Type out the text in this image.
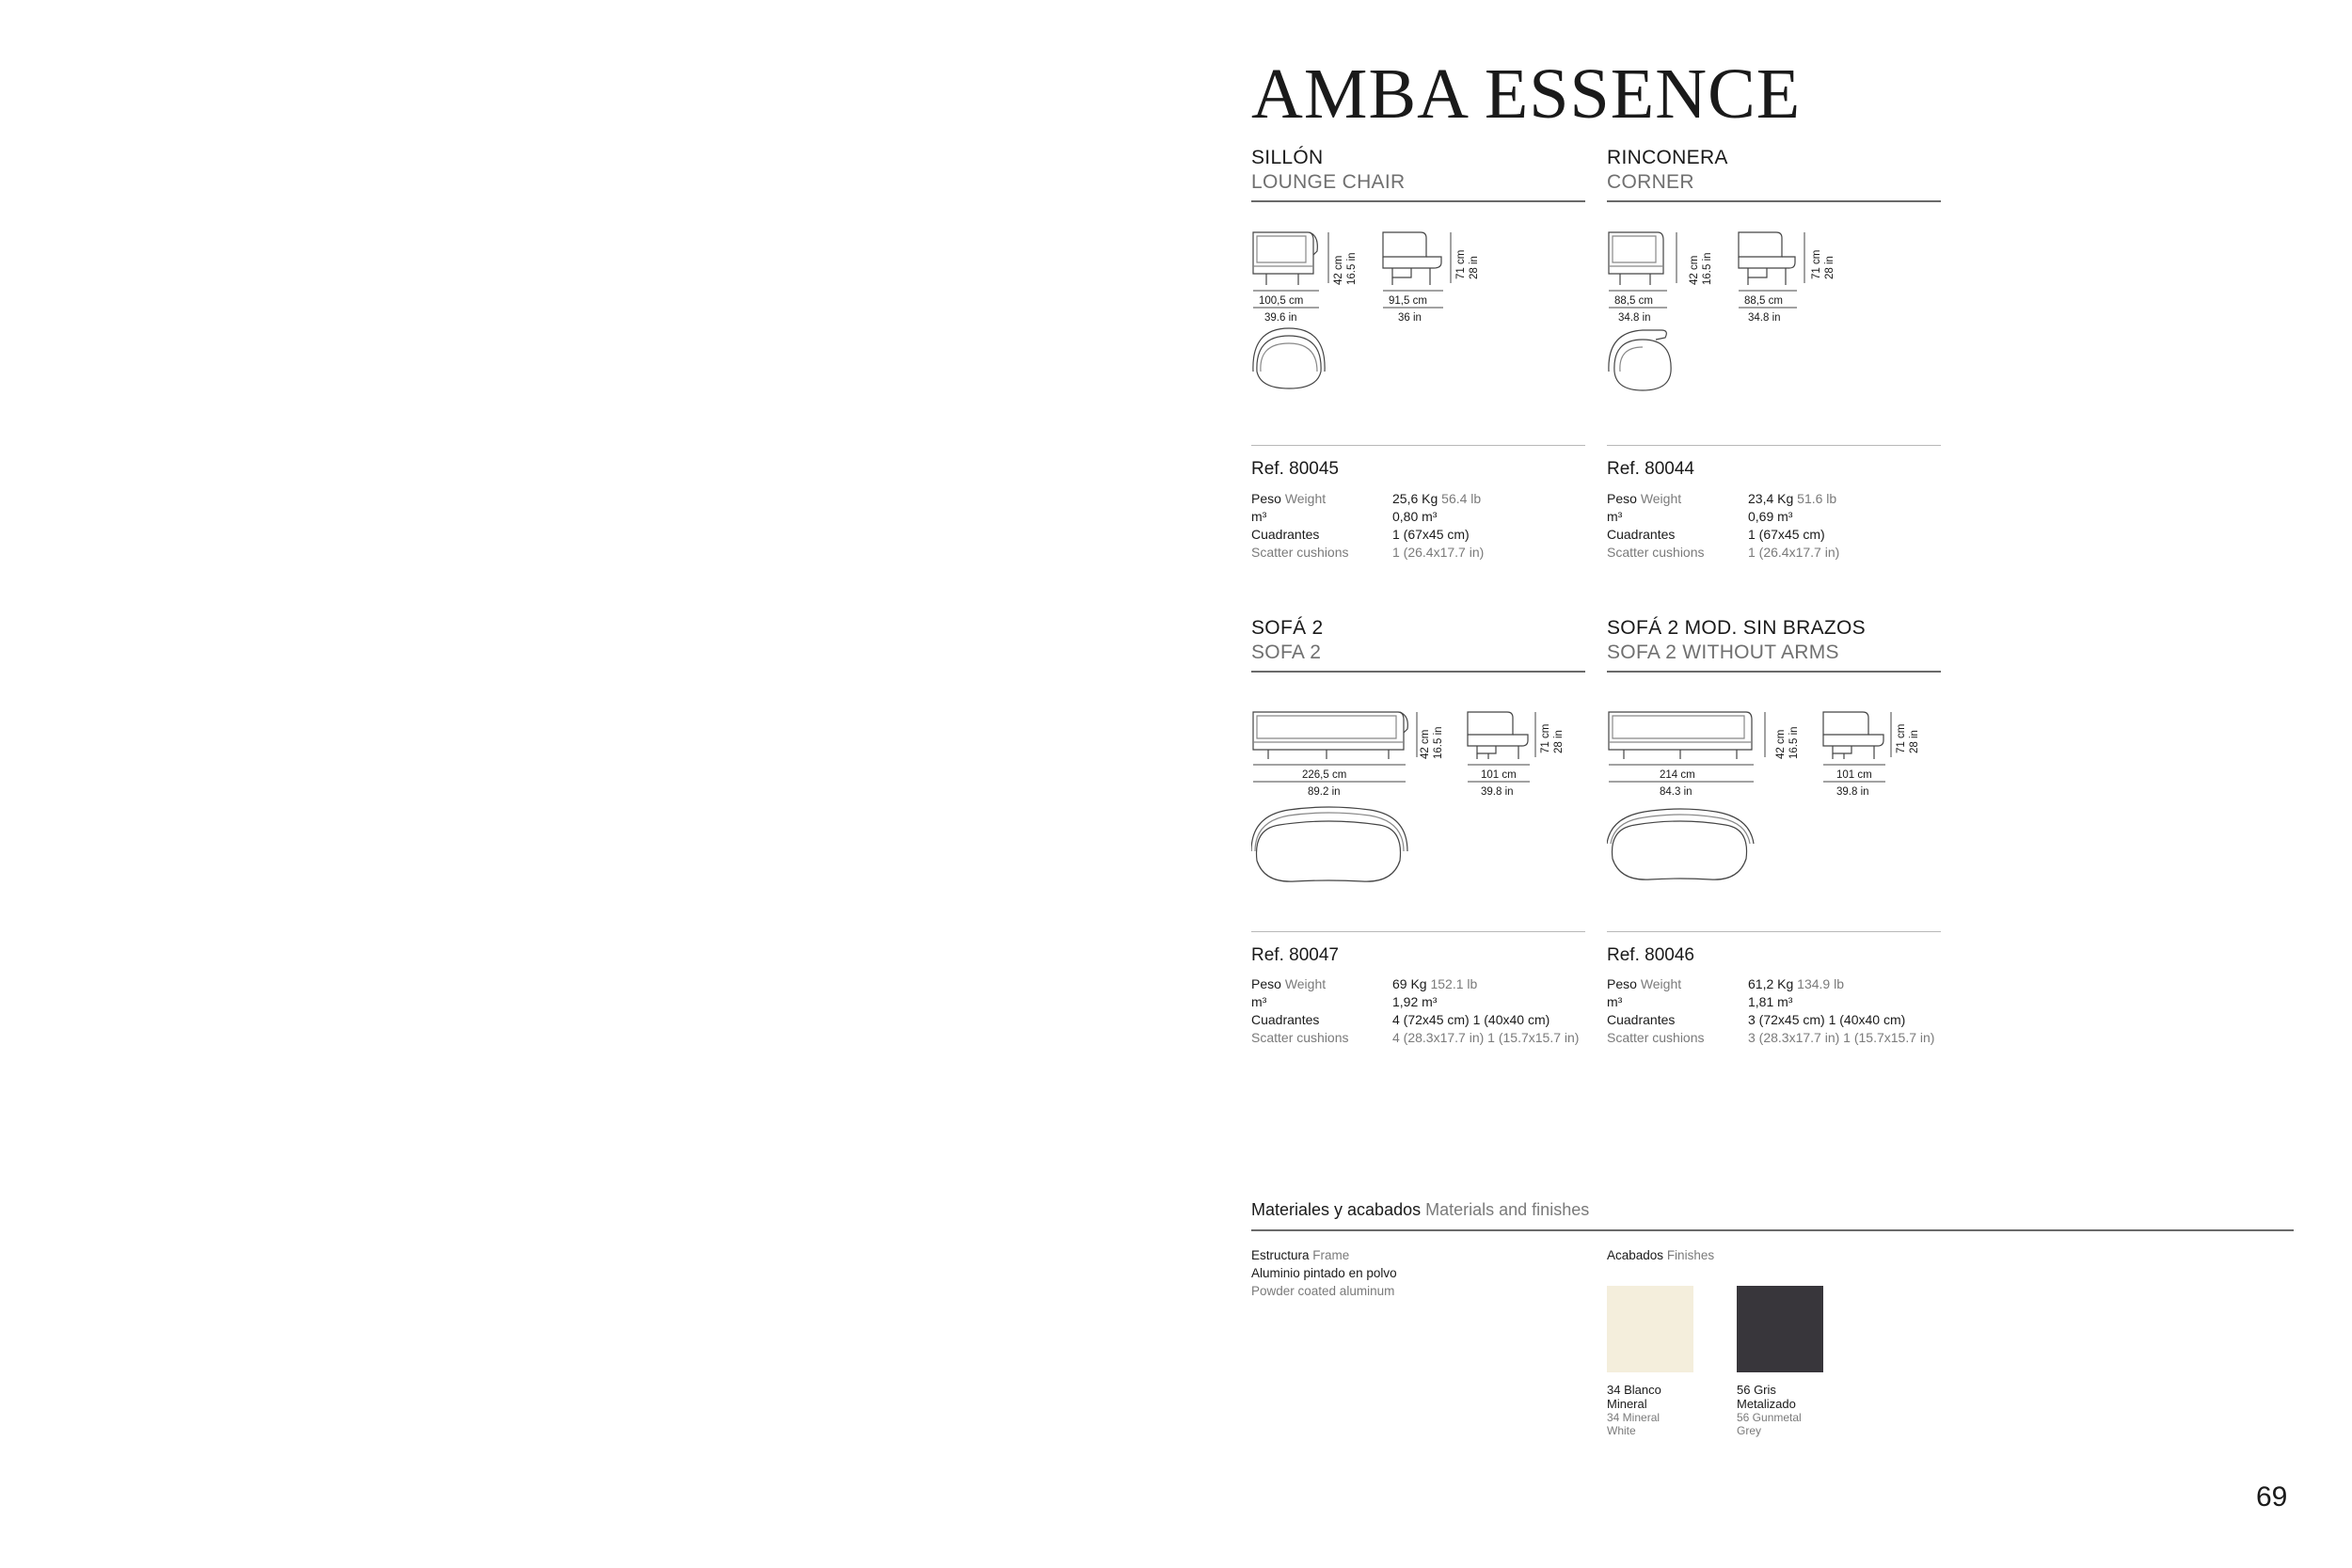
AMBA ESSENCE
SILLÓN
LOUNGE CHAIR
42 cm 16.5 in
100,5 cm
39.6 in
71 cm 28 in
91,5 cm
36 in
Ref. 80045
Peso Weight	25,6 Kg 56.4 lb
m³	0,80 m³
Cuadrantes	1 (67x45 cm)
Scatter cushions	1 (26.4x17.7 in)
RINCONERA
CORNER
42 cm 16.5 in
88,5 cm
34.8 in
71 cm 28 in
88,5 cm
34.8 in
Ref. 80044
Peso Weight	23,4 Kg 51.6 lb
m³	0,69 m³
Cuadrantes	1 (67x45 cm)
Scatter cushions	1 (26.4x17.7 in)
SOFÁ 2
SOFA 2
42 cm 16.5 in
226,5 cm
89.2 in
71 cm 28 in
101 cm
39.8 in
Ref. 80047
Peso Weight	69 Kg 152.1 lb
m³	1,92 m³
Cuadrantes	4 (72x45 cm) 1 (40x40 cm)
Scatter cushions	4 (28.3x17.7 in) 1 (15.7x15.7 in)
SOFÁ 2 MOD. SIN BRAZOS
SOFA 2 WITHOUT ARMS
42 cm 16.5 in
214 cm
84.3 in
71 cm 28 in
101 cm
39.8 in
Ref. 80046
Peso Weight	61,2 Kg 134.9 lb
m³	1,81 m³
Cuadrantes	3 (72x45 cm) 1 (40x40 cm)
Scatter cushions	3 (28.3x17.7 in) 1 (15.7x15.7 in)
Materiales y acabados Materials and finishes
Estructura Frame
Aluminio pintado en polvo
Powder coated aluminum
Acabados Finishes
34 Blanco
Mineral
34 Mineral
White
56 Gris
Metalizado
56 Gunmetal
Grey
69
